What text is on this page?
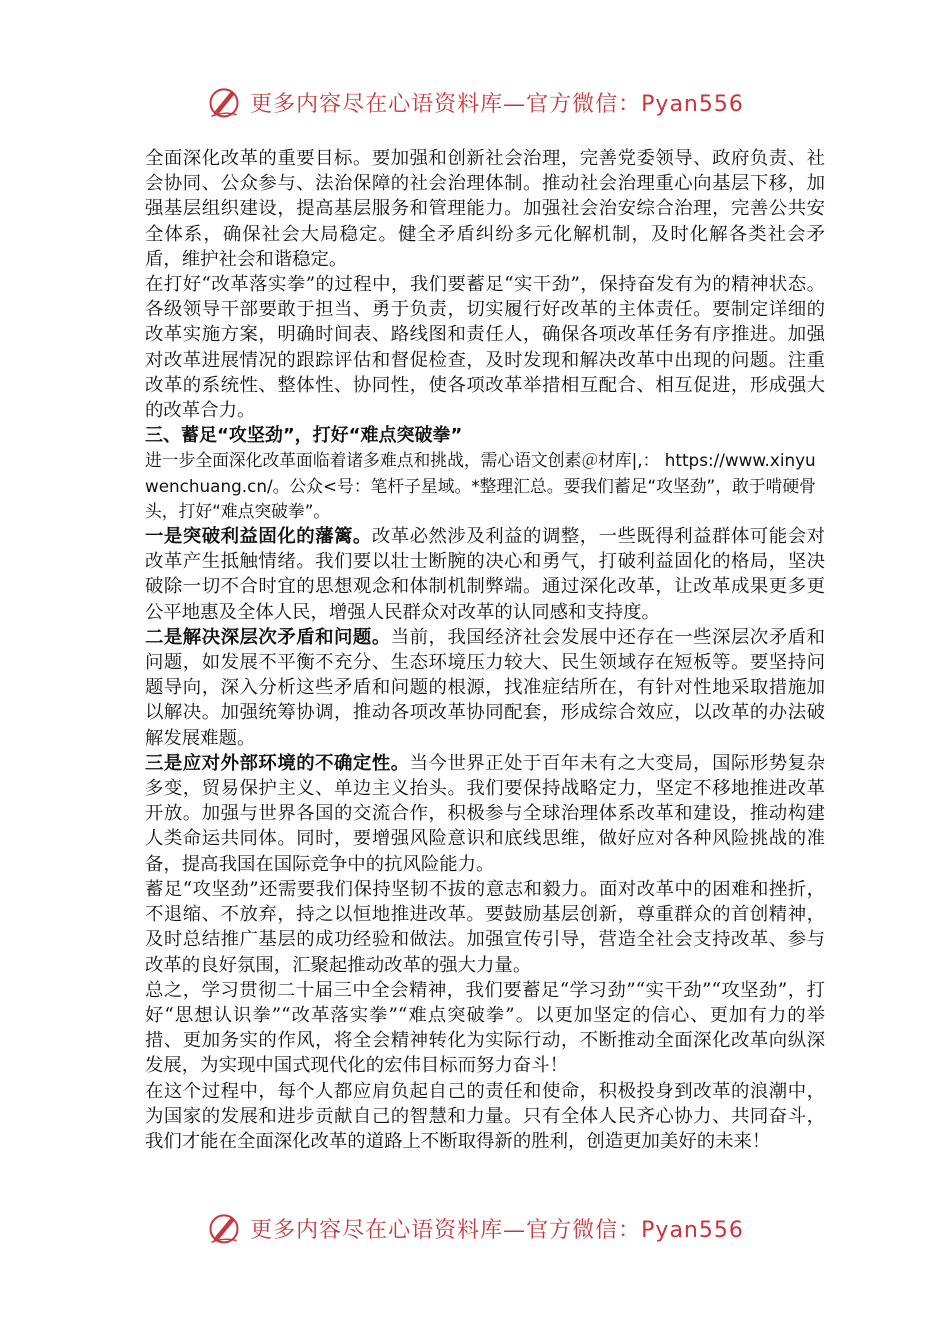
更多内容尽在心语资料库—官方微信：Pyan556

全面深化改革的重要目标。要加强和创新社会治理，完善党委领导、政府负责、社会协同、公众参与、法治保障的社会治理体制。推动社会治理重心向基层下移，加强基层组织建设，提高基层服务和管理能力。加强社会治安综合治理，完善公共安全体系，确保社会大局稳定。健全矛盾纠纷多元化解机制，及时化解各类社会矛盾，维护社会和谐稳定。

在打好“改革落实拳”的过程中，我们要蓄足“实干劲”，保持奋发有为的精神状态。各级领导干部要敢于担当、勇于负责，切实履行好改革的主体责任。要制定详细的改革实施方案，明确时间表、路线图和责任人，确保各项改革任务有序推进。加强对改革进展情况的跟踪评估和督促检查，及时发现和解决改革中出现的问题。注重改革的系统性、整体性、协同性，使各项改革举措相互配合、相互促进，形成强大的改革合力。

三、蓄足“攻坚劲”，打好“难点突破拳”

进一步全面深化改革面临着诸多难点和挑战，需心语文创素＠材库|,： https://www.xinyuwenchuang.cn/。公众<号：笔杆子星域。*整理汇总。要我们蓄足“攻坚劲”，敢于啃硬骨头，打好“难点突破拳”。

一是突破利益固化的藩篱。改革必然涉及利益的调整，一些既得利益群体可能会对改革产生抵触情绪。我们要以壮士断腕的决心和勇气，打破利益固化的格局，坚决破除一切不合时宜的思想观念和体制机制弊端。通过深化改革，让改革成果更多更公平地惠及全体人民，增强人民群众对改革的认同感和支持度。

二是解决深层次矛盾和问题。当前，我国经济社会发展中还存在一些深层次矛盾和问题，如发展不平衡不充分、生态环境压力较大、民生领域存在短板等。要坚持问题导向，深入分析这些矛盾和问题的根源，找准症结所在，有针对性地采取措施加以解决。加强统筹协调，推动各项改革协同配套，形成综合效应，以改革的办法破解发展难题。

三是应对外部环境的不确定性。当今世界正处于百年未有之大变局，国际形势复杂多变，贸易保护主义、单边主义抬头。我们要保持战略定力，坚定不移地推进改革开放。加强与世界各国的交流合作，积极参与全球治理体系改革和建设，推动构建人类命运共同体。同时，要增强风险意识和底线思维，做好应对各种风险挑战的准备，提高我国在国际竞争中的抗风险能力。

蓄足“攻坚劲”还需要我们保持坚韧不拔的意志和毅力。面对改革中的困难和挫折，不退缩、不放弃，持之以恒地推进改革。要鼓励基层创新，尊重群众的首创精神，及时总结推广基层的成功经验和做法。加强宣传引导，营造全社会支持改革、参与改革的良好氛围，汇聚起推动改革的强大力量。

总之，学习贯彻二十届三中全会精神，我们要蓄足“学习劲”“实干劲”“攻坚劲”，打好“思想认识拳”“改革落实拳”“难点突破拳”。以更加坚定的信心、更加有力的举措、更加务实的作风，将全会精神转化为实际行动，不断推动全面深化改革向纵深发展，为实现中国式现代化的宏伟目标而努力奋斗！

在这个过程中，每个人都应肩负起自己的责任和使命，积极投身到改革的浪潮中，为国家的发展和进步贡献自己的智慧和力量。只有全体人民齐心协力、共同奋斗，我们才能在全面深化改革的道路上不断取得新的胜利，创造更加美好的未来！

更多内容尽在心语资料库—官方微信：Pyan556
